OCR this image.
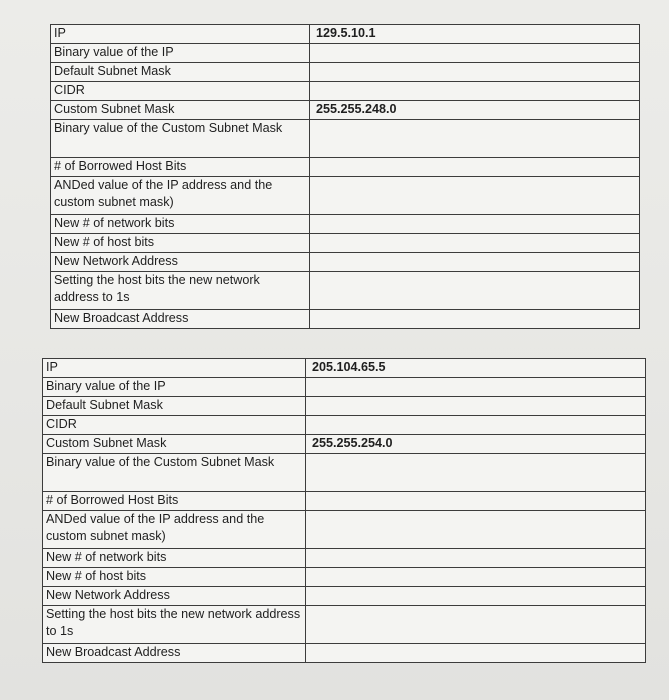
IP	129.5.10.1
Binary value of the IP	
Default Subnet Mask	
CIDR	
Custom Subnet Mask	255.255.248.0
Binary value of the Custom Subnet Mask	
# of Borrowed Host Bits	
ANDed value of the IP address and the custom subnet mask)	
New # of network bits	
New # of host bits	
New Network Address	
Setting the host bits the new network address to 1s	
New Broadcast Address	
IP	205.104.65.5
Binary value of the IP	
Default Subnet Mask	
CIDR	
Custom Subnet Mask	255.255.254.0
Binary value of the Custom Subnet Mask	
# of Borrowed Host Bits	
ANDed value of the IP address and the custom subnet mask)	
New # of network bits	
New # of host bits	
New Network Address	
Setting the host bits the new network address to 1s	
New Broadcast Address	
